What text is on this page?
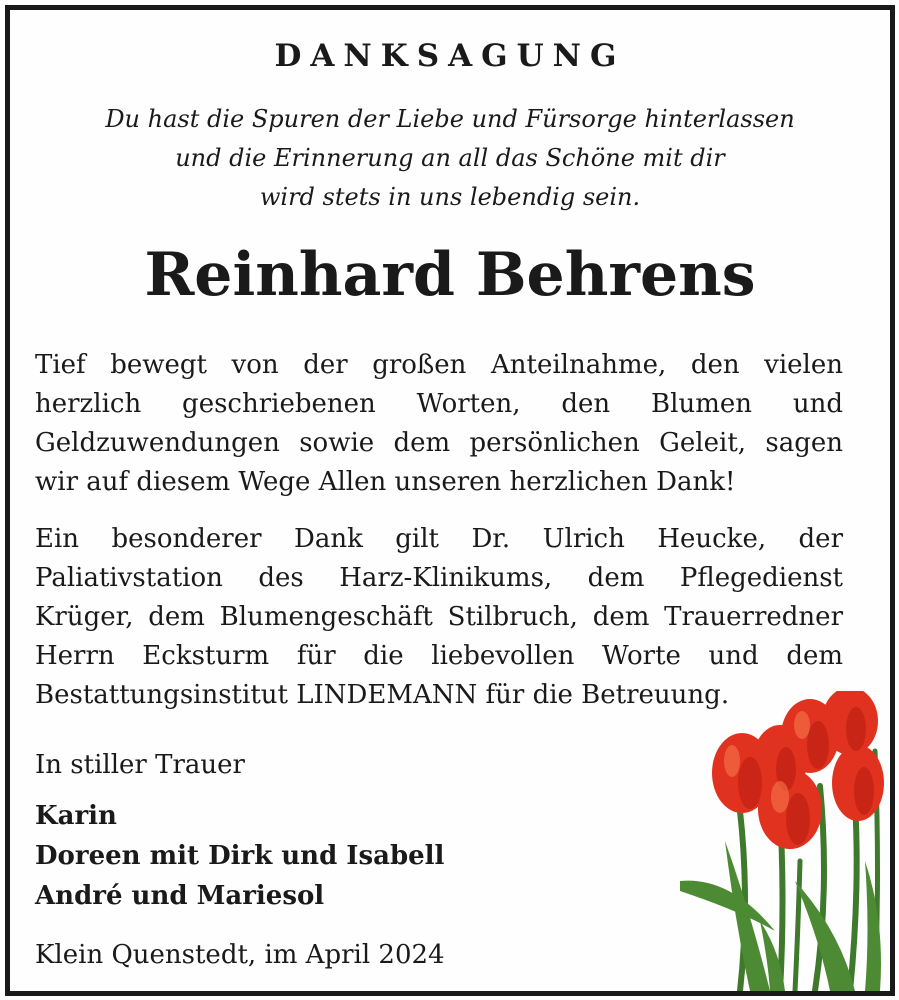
DANKSAGUNG
Du hast die Spuren der Liebe und Fürsorge hinterlassen
und die Erinnerung an all das Schöne mit dir
wird stets in uns lebendig sein.
Reinhard Behrens
Tief bewegt von der großen Anteilnahme, den vielen
herzlich geschriebenen Worten, den Blumen und
Geldzuwendungen sowie dem persönlichen Geleit, sagen
wir auf diesem Wege Allen unseren herzlichen Dank!
Ein besonderer Dank gilt Dr. Ulrich Heucke, der
Paliativstation des Harz-Klinikums, dem Pflegedienst
Krüger, dem Blumengeschäft Stilbruch, dem Trauerredner
Herrn Ecksturm für die liebevollen Worte und dem
Bestattungsinstitut LINDEMANN für die Betreuung.
In stiller Trauer
Karin
Doreen mit Dirk und Isabell
André und Mariesol
Klein Quenstedt, im April 2024
